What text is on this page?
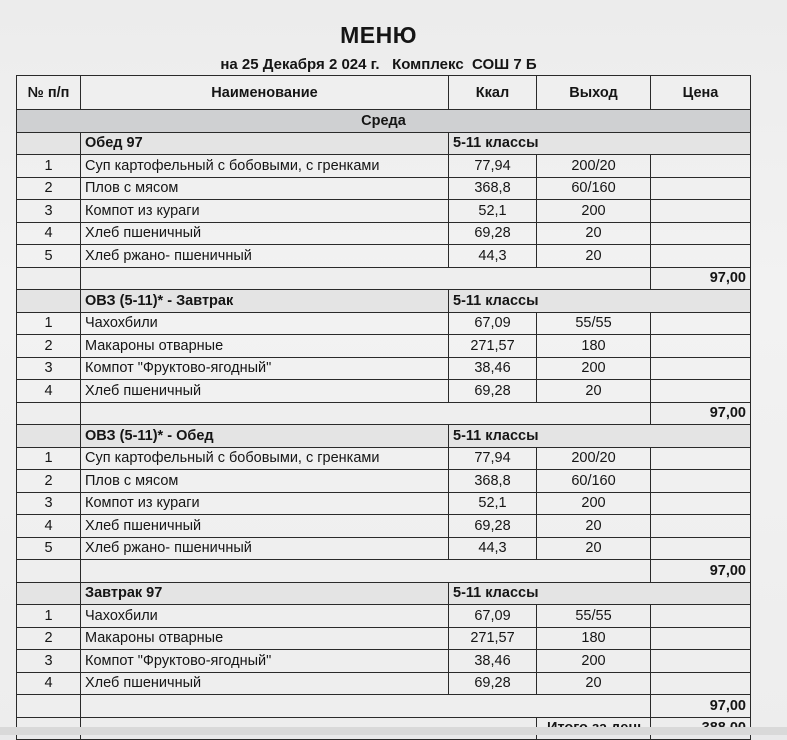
МЕНЮ
на 25 Декабря 2 024 г.   Комплекс  СОШ 7 Б
№ п/п	Наименование	Ккал	Выход	Цена
Среда				
	Обед 97	5-11 классы		
1	Суп картофельный с бобовыми, с гренками	77,94	200/20	
2	Плов с мясом	368,8	60/160	
3	Компот из кураги	52,1	200	
4	Хлеб пшеничный	69,28	20	
5	Хлеб ржано- пшеничный	44,3	20	
				97,00
	ОВЗ (5-11)* - Завтрак	5-11 классы		
1	Чахохбили	67,09	55/55	
2	Макароны отварные	271,57	180	
3	Компот "Фруктово-ягодный"	38,46	200	
4	Хлеб пшеничный	69,28	20	
				97,00
	ОВЗ (5-11)* - Обед	5-11 классы		
1	Суп картофельный с бобовыми, с гренками	77,94	200/20	
2	Плов с мясом	368,8	60/160	
3	Компот из кураги	52,1	200	
4	Хлеб пшеничный	69,28	20	
5	Хлеб ржано- пшеничный	44,3	20	
				97,00
	Завтрак 97	5-11 классы		
1	Чахохбили	67,09	55/55	
2	Макароны отварные	271,57	180	
3	Компот "Фруктово-ягодный"	38,46	200	
4	Хлеб пшеничный	69,28	20	
				97,00
